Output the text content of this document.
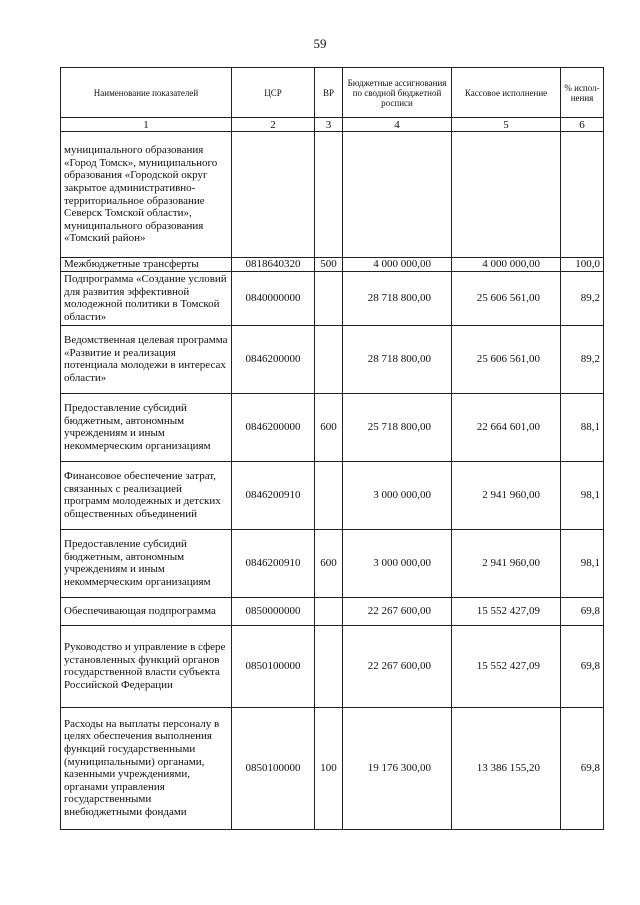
59
Наименование показателей	ЦСР	ВР	Бюджетные ассигнования по сводной бюджетной росписи	Кассовое исполнение	% испол-нения
1	2	3	4	5	6
муниципального образования «Город Томск», муниципального образования «Городской округ закрытое административно-территориальное образование Северск Томской области», муниципального образования «Томский район»					
Межбюджетные трансферты	0818640320	500	4 000 000,00	4 000 000,00	100,0
Подпрограмма «Создание условий для развития эффективной молодежной политики в Томской области»	0840000000		28 718 800,00	25 606 561,00	89,2
Ведомственная целевая программа «Развитие и реализация потенциала молодежи в интересах области»	0846200000		28 718 800,00	25 606 561,00	89,2
Предоставление субсидий бюджетным, автономным учреждениям и иным некоммерческим организациям	0846200000	600	25 718 800,00	22 664 601,00	88,1
Финансовое обеспечение затрат, связанных с реализацией программ молодежных и детских общественных объединений	0846200910		3 000 000,00	2 941 960,00	98,1
Предоставление субсидий бюджетным, автономным учреждениям и иным некоммерческим организациям	0846200910	600	3 000 000,00	2 941 960,00	98,1
Обеспечивающая подпрограмма	0850000000		22 267 600,00	15 552 427,09	69,8
Руководство и управление в сфере установленных функций органов государственной власти субъекта Российской Федерации	0850100000		22 267 600,00	15 552 427,09	69,8
Расходы на выплаты персоналу в целях обеспечения выполнения функций государственными (муниципальными) органами, казенными учреждениями, органами управления государственными внебюджетными фондами	0850100000	100	19 176 300,00	13 386 155,20	69,8
